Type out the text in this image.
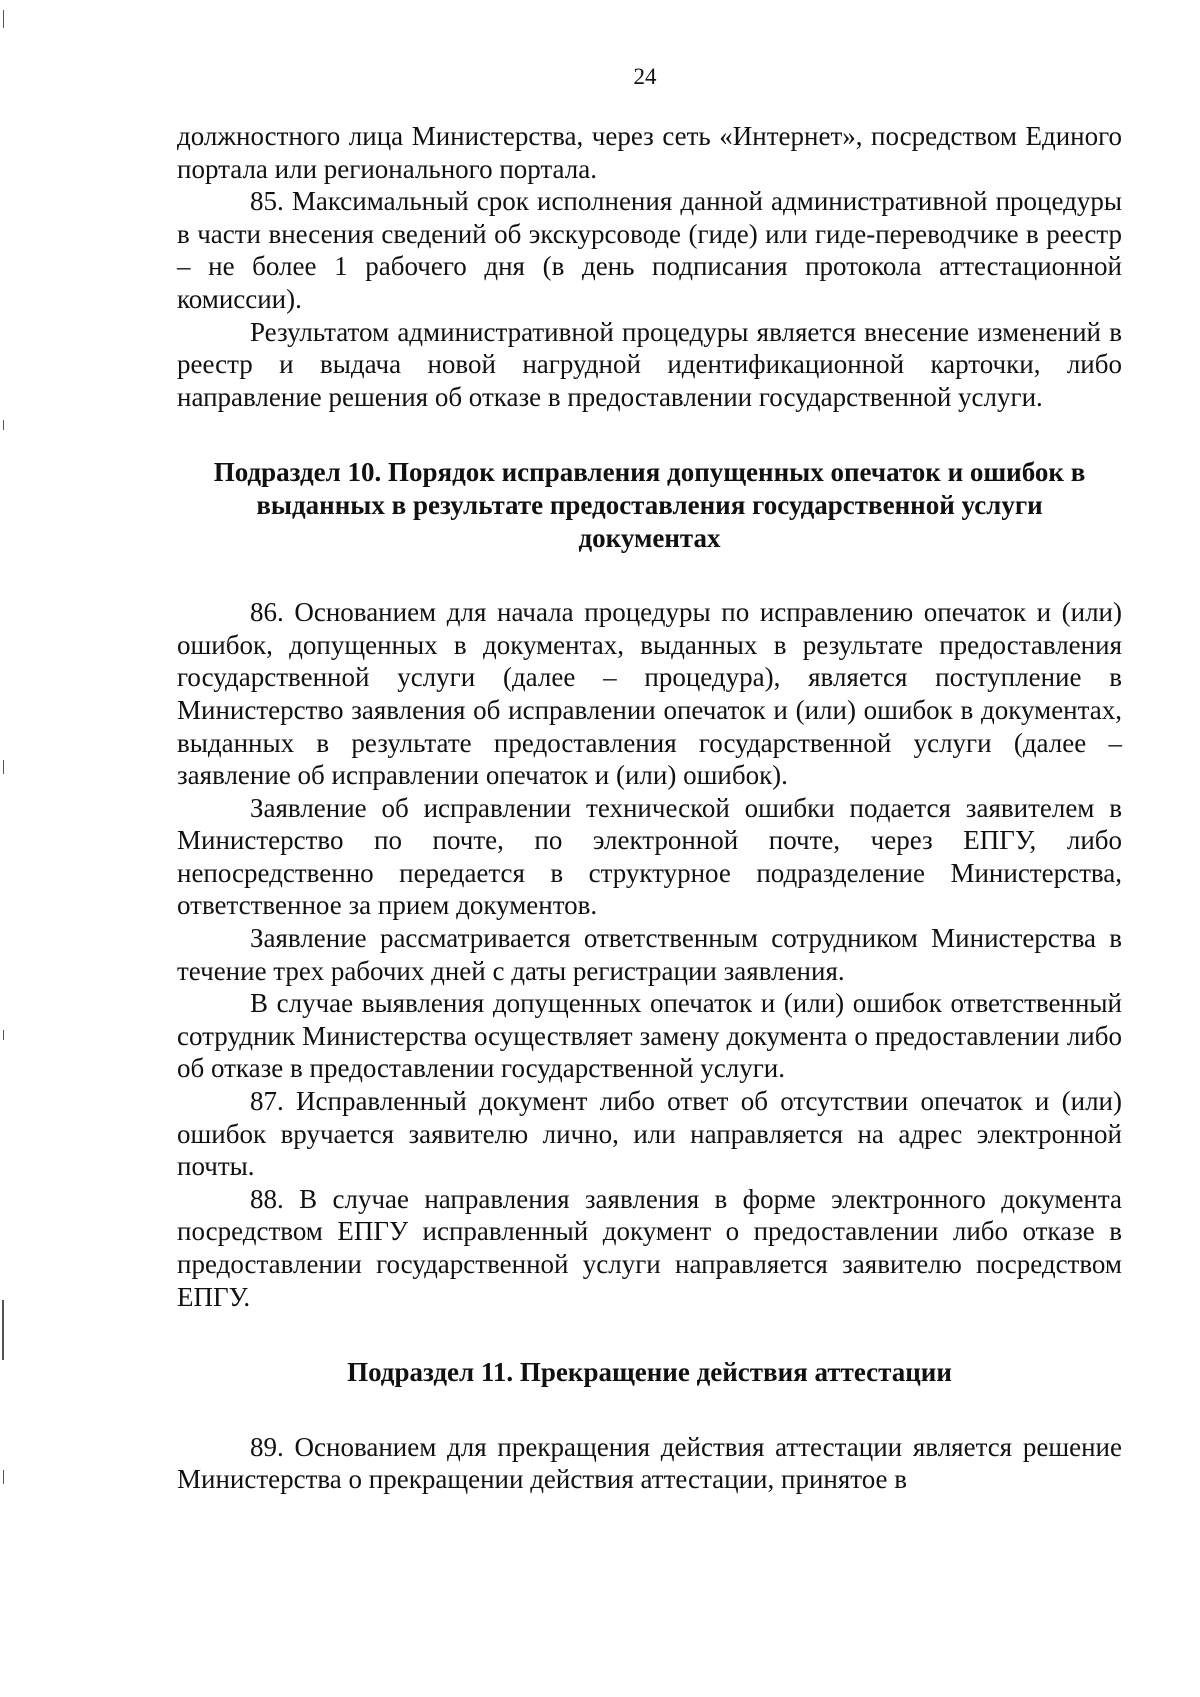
24

должностного лица Министерства, через сеть «Интернет», посредством Единого портала или регионального портала.

85. Максимальный срок исполнения данной административной процедуры в части внесения сведений об экскурсоводе (гиде) или гиде-переводчике в реестр – не более 1 рабочего дня (в день подписания протокола аттестационной комиссии).

Результатом административной процедуры является внесение изменений в реестр и выдача новой нагрудной идентификационной карточки, либо направление решения об отказе в предоставлении государственной услуги.

Подраздел 10. Порядок исправления допущенных опечаток и ошибок в
выданных в результате предоставления государственной услуги
документах

86. Основанием для начала процедуры по исправлению опечаток и (или) ошибок, допущенных в документах, выданных в результате предоставления государственной услуги (далее – процедура), является поступление в Министерство заявления об исправлении опечаток и (или) ошибок в документах, выданных в результате предоставления государственной услуги (далее – заявление об исправлении опечаток и (или) ошибок).

Заявление об исправлении технической ошибки подается заявителем в Министерство по почте, по электронной почте, через ЕПГУ, либо непосредственно передается в структурное подразделение Министерства, ответственное за прием документов.

Заявление рассматривается ответственным сотрудником Министерства в течение трех рабочих дней с даты регистрации заявления.

В случае выявления допущенных опечаток и (или) ошибок ответственный сотрудник Министерства осуществляет замену документа о предоставлении либо об отказе в предоставлении государственной услуги.

87. Исправленный документ либо ответ об отсутствии опечаток и (или) ошибок вручается заявителю лично, или направляется на адрес электронной почты.

88. В случае направления заявления в форме электронного документа посредством ЕПГУ исправленный документ о предоставлении либо отказе в предоставлении государственной услуги направляется заявителю посредством ЕПГУ.

Подраздел 11. Прекращение действия аттестации

89. Основанием для прекращения действия аттестации является решение Министерства о прекращении действия аттестации, принятое в
